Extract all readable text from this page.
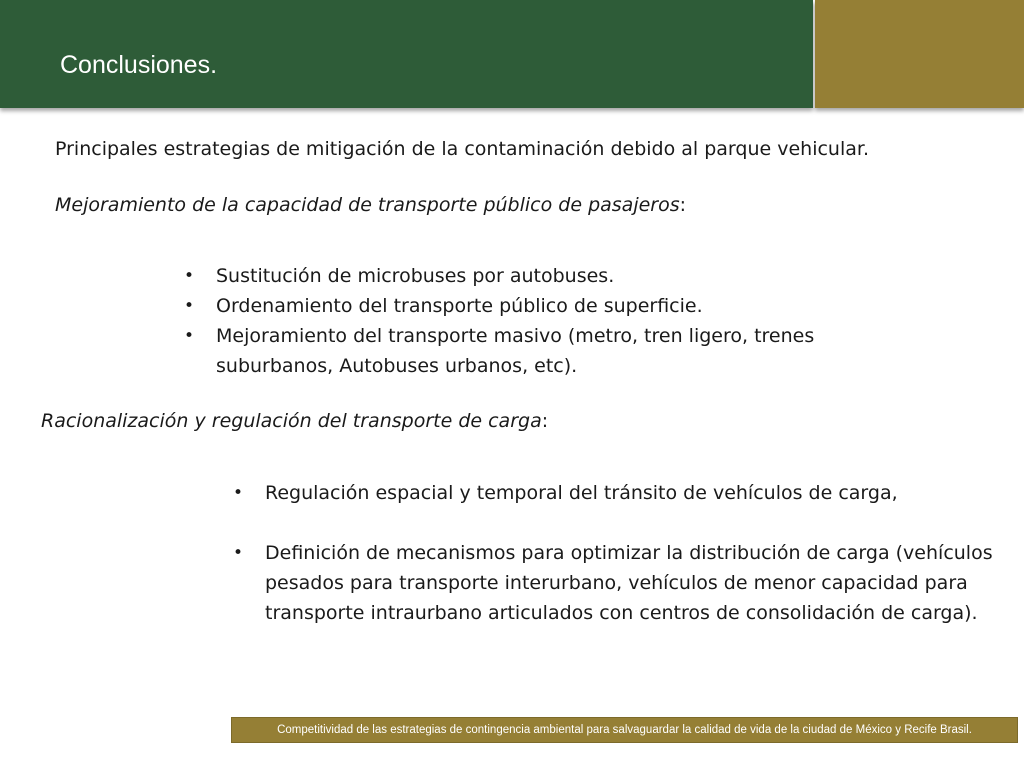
Conclusiones.

Principales estrategias de mitigación de la contaminación debido al parque vehicular.

Mejoramiento de la capacidad de transporte público de pasajeros:

• Sustitución de microbuses por autobuses.
• Ordenamiento del transporte público de superficie.
• Mejoramiento del transporte masivo (metro, tren ligero, trenes suburbanos, Autobuses urbanos, etc).

Racionalización y regulación del transporte de carga:

• Regulación espacial y temporal del tránsito de vehículos de carga,
• Definición de mecanismos para optimizar la distribución de carga (vehículos pesados para transporte interurbano, vehículos de menor capacidad para transporte intraurbano articulados con centros de consolidación de carga).
Competitividad de las estrategias de contingencia ambiental para salvaguardar la calidad de vida de la ciudad de México y Recife Brasil.
